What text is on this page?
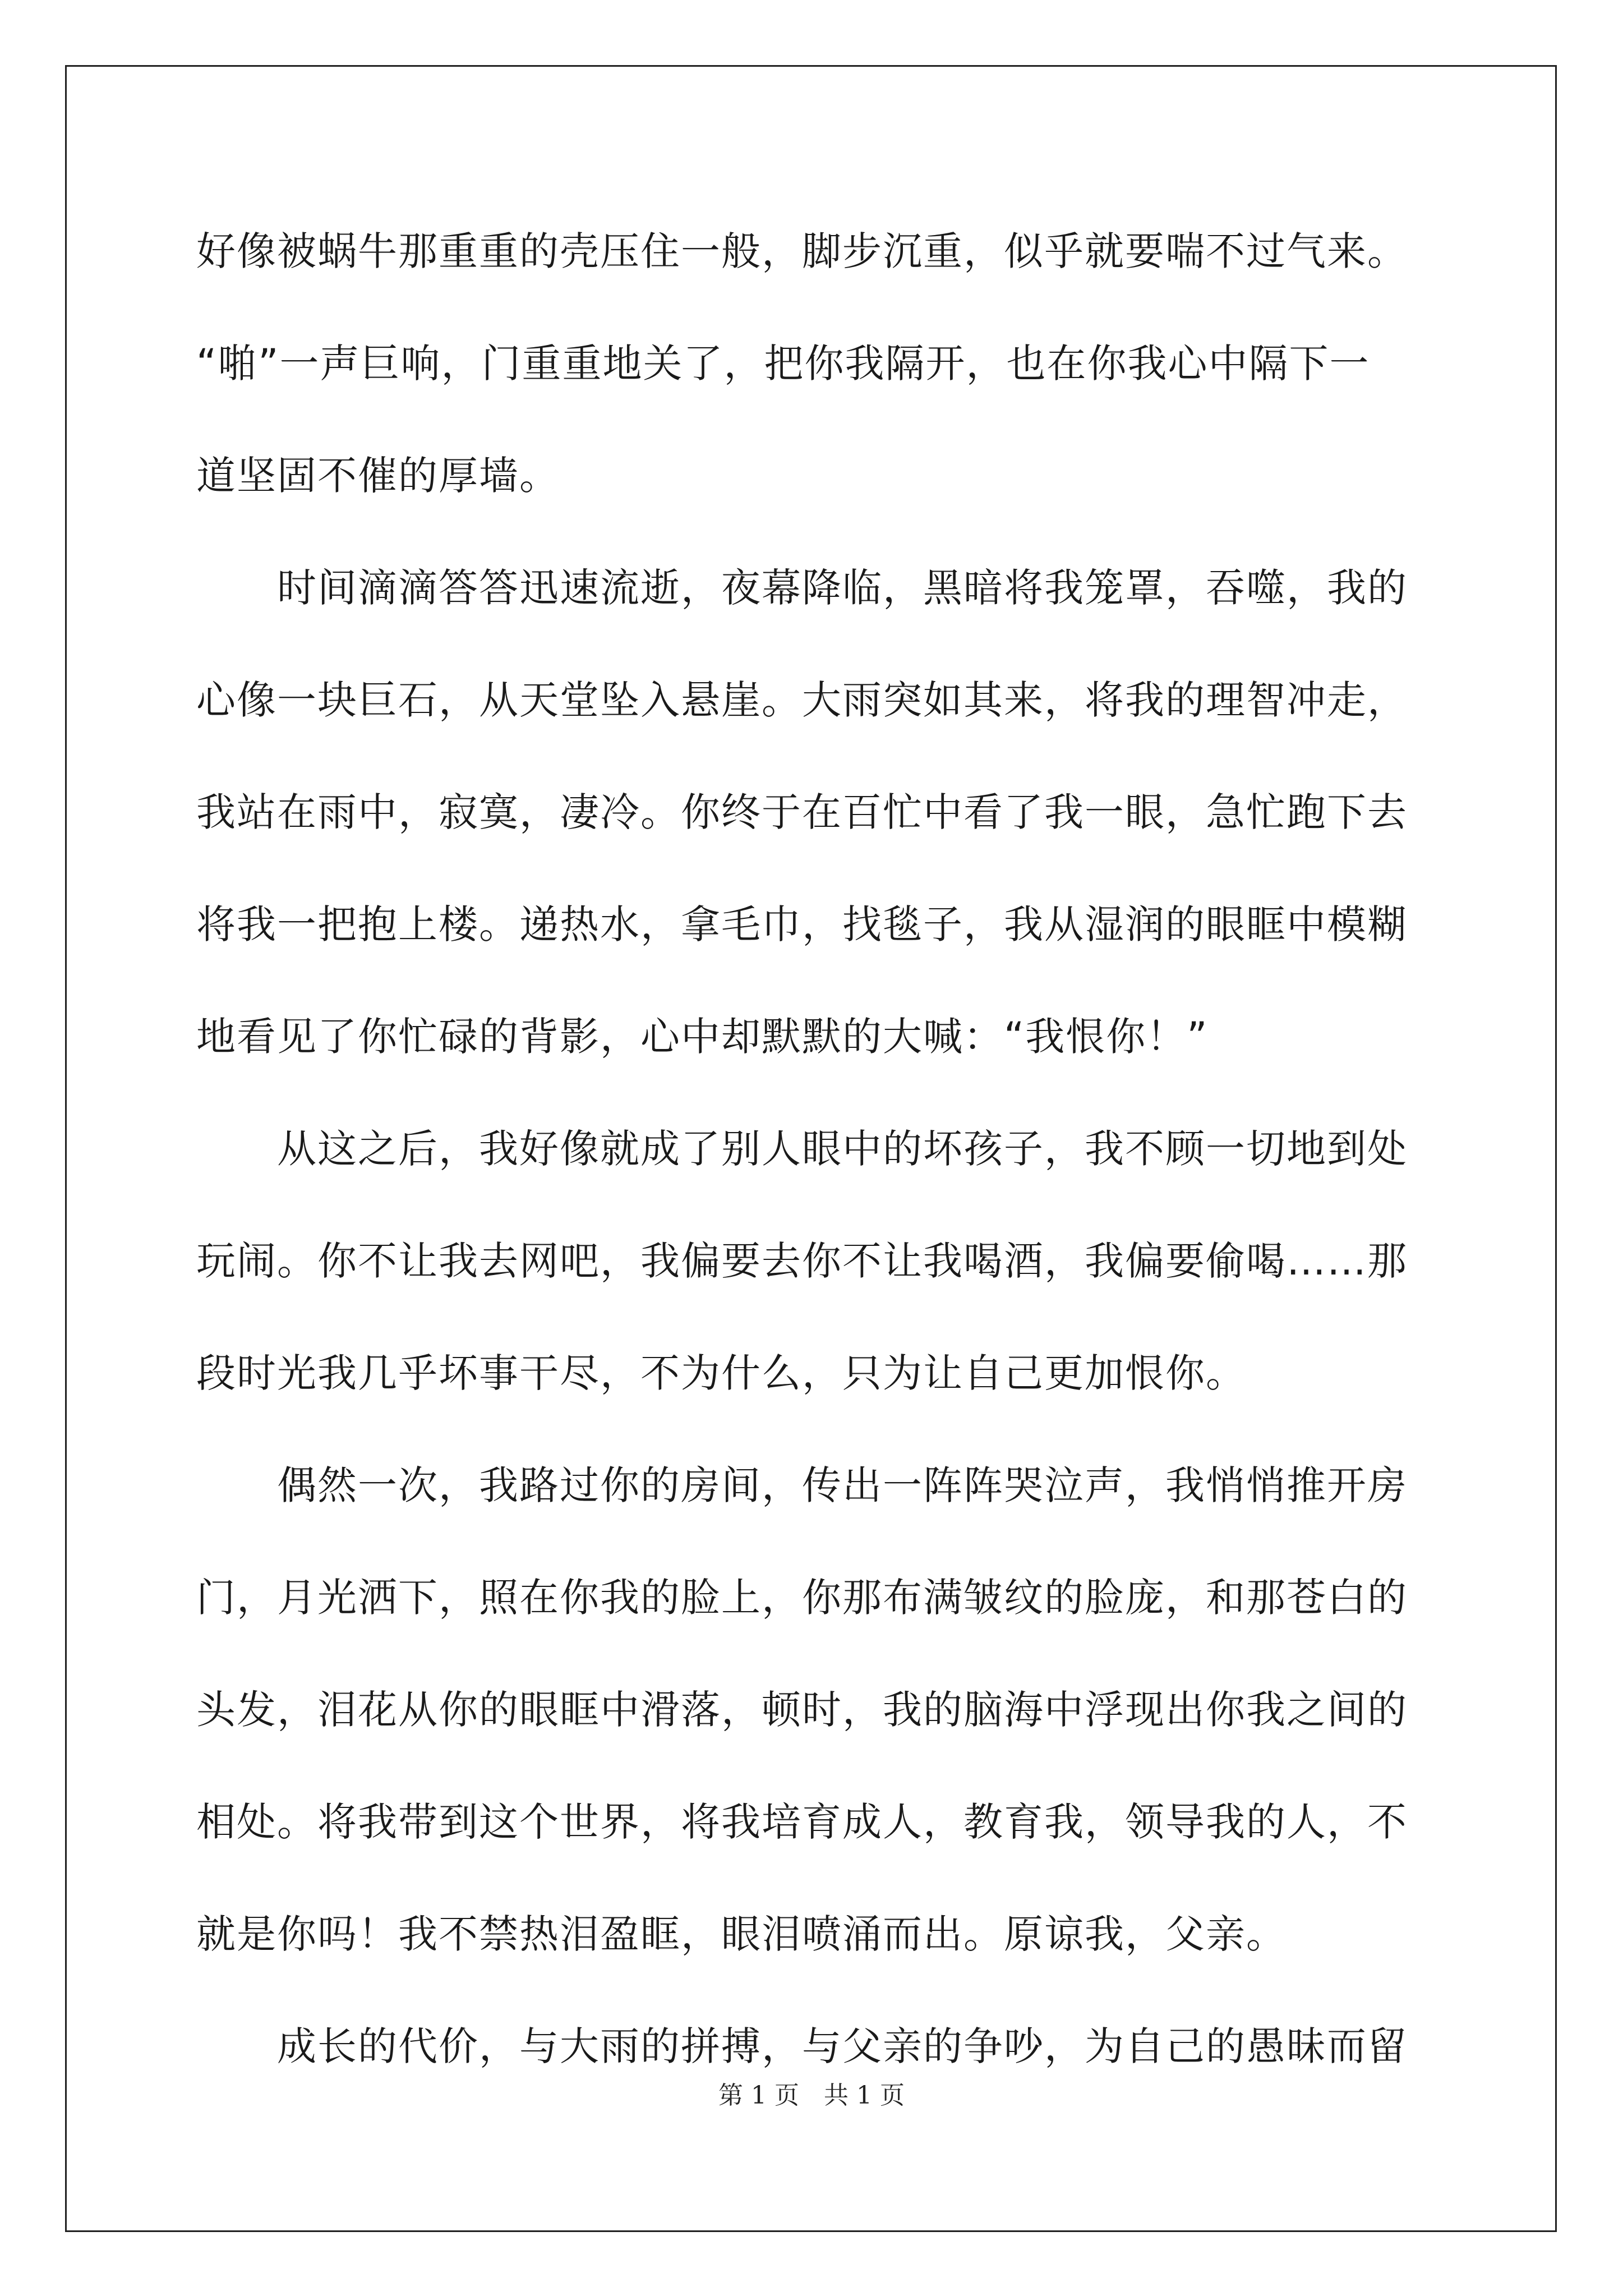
好像被蜗牛那重重的壳压住一般，脚步沉重，似乎就要喘不过气来。
“啪”一声巨响，门重重地关了，把你我隔开，也在你我心中隔下一
道坚固不催的厚墙。
　　时间滴滴答答迅速流逝，夜幕降临，黑暗将我笼罩，吞噬，我的
心像一块巨石，从天堂坠入悬崖。大雨突如其来，将我的理智冲走，
我站在雨中，寂寞，凄冷。你终于在百忙中看了我一眼，急忙跑下去
将我一把抱上楼。递热水，拿毛巾，找毯子，我从湿润的眼眶中模糊
地看见了你忙碌的背影，心中却默默的大喊：“我恨你！”
　　从这之后，我好像就成了别人眼中的坏孩子，我不顾一切地到处
玩闹。你不让我去网吧，我偏要去你不让我喝酒，我偏要偷喝……那
段时光我几乎坏事干尽，不为什么，只为让自己更加恨你。
　　偶然一次，我路过你的房间，传出一阵阵哭泣声，我悄悄推开房
门，月光洒下，照在你我的脸上，你那布满皱纹的脸庞，和那苍白的
头发，泪花从你的眼眶中滑落，顿时，我的脑海中浮现出你我之间的
相处。将我带到这个世界，将我培育成人，教育我，领导我的人，不
就是你吗！我不禁热泪盈眶，眼泪喷涌而出。原谅我，父亲。
　　成长的代价，与大雨的拼搏，与父亲的争吵，为自己的愚昧而留
第 1 页　共 1 页
